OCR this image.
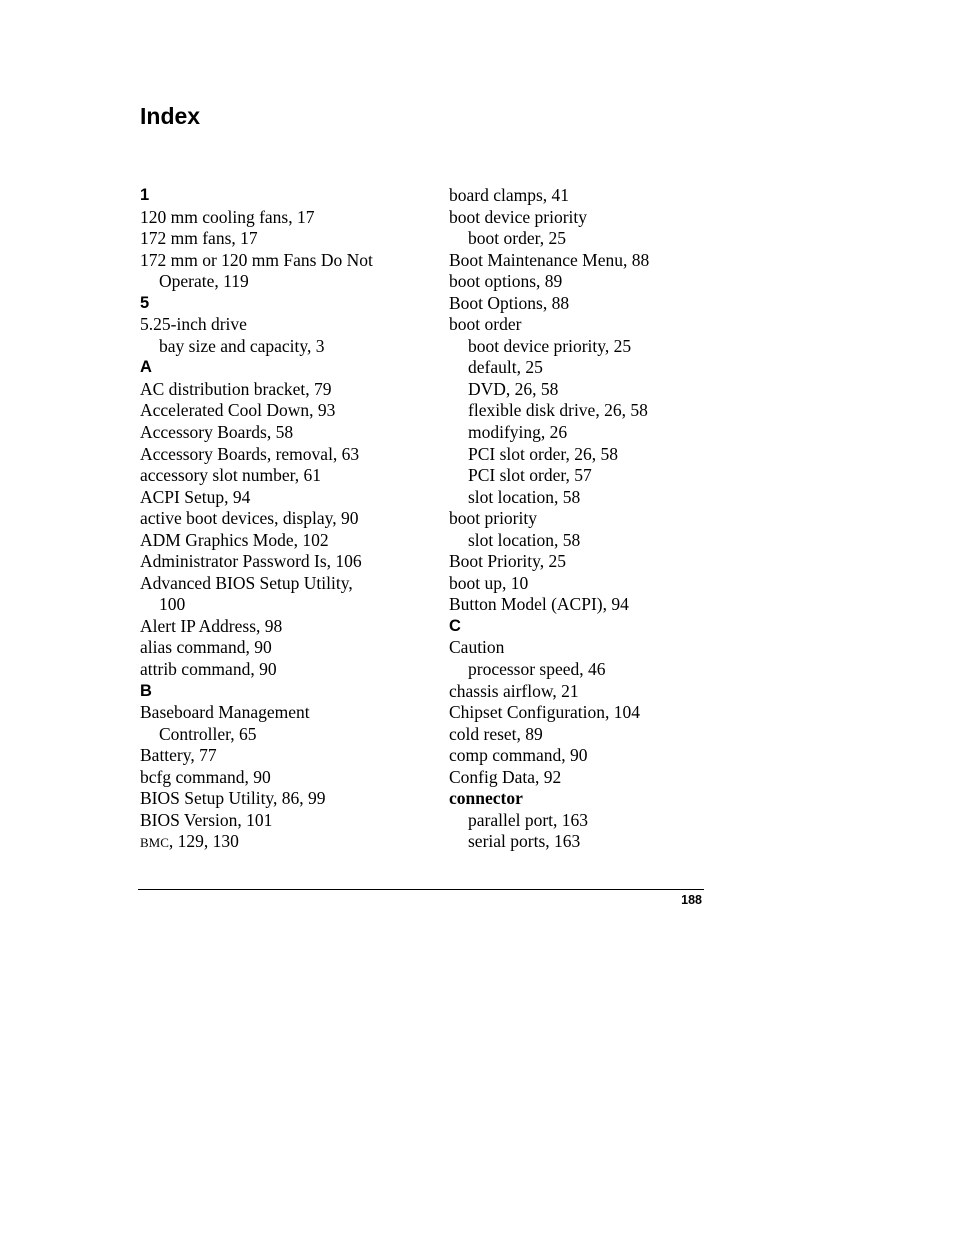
Index
1
120 mm cooling fans, 17
172 mm fans, 17
172 mm or 120 mm Fans Do Not
Operate, 119
5
5.25-inch drive
bay size and capacity, 3
A
AC distribution bracket, 79
Accelerated Cool Down, 93
Accessory Boards, 58
Accessory Boards, removal, 63
accessory slot number, 61
ACPI Setup, 94
active boot devices, display, 90
ADM Graphics Mode, 102
Administrator Password Is, 106
Advanced BIOS Setup Utility,
100
Alert IP Address, 98
alias command, 90
attrib command, 90
B
Baseboard Management
Controller, 65
Battery, 77
bcfg command, 90
BIOS Setup Utility, 86, 99
BIOS Version, 101
BMC, 129, 130
board clamps, 41
boot device priority
boot order, 25
Boot Maintenance Menu, 88
boot options, 89
Boot Options, 88
boot order
boot device priority, 25
default, 25
DVD, 26, 58
flexible disk drive, 26, 58
modifying, 26
PCI slot order, 26, 58
PCI slot order, 57
slot location, 58
boot priority
slot location, 58
Boot Priority, 25
boot up, 10
Button Model (ACPI), 94
C
Caution
processor speed, 46
chassis airflow, 21
Chipset Configuration, 104
cold reset, 89
comp command, 90
Config Data, 92
connector
parallel port, 163
serial ports, 163
188
